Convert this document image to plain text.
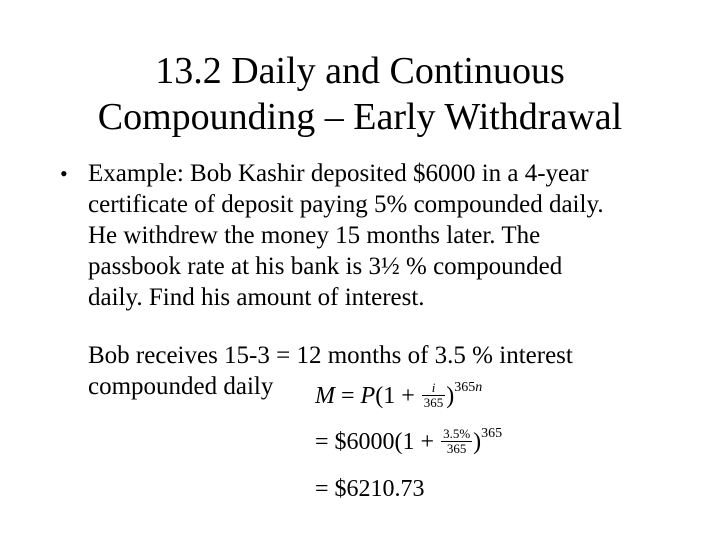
13.2 Daily and Continuous
Compounding – Early Withdrawal
• Example: Bob Kashir deposited $6000 in a 4-year
certificate of deposit paying 5% compounded daily.
He withdrew the money 15 months later. The
passbook rate at his bank is 3½ % compounded
daily. Find his amount of interest.
Bob receives 15-3 = 12 months of 3.5 % interest
compounded daily	$M = P(1 + \frac{i}{365} )^{365n}$
= $6000(1 + $\frac{3.5\%}{365} )^{365}$
= $6210.73
